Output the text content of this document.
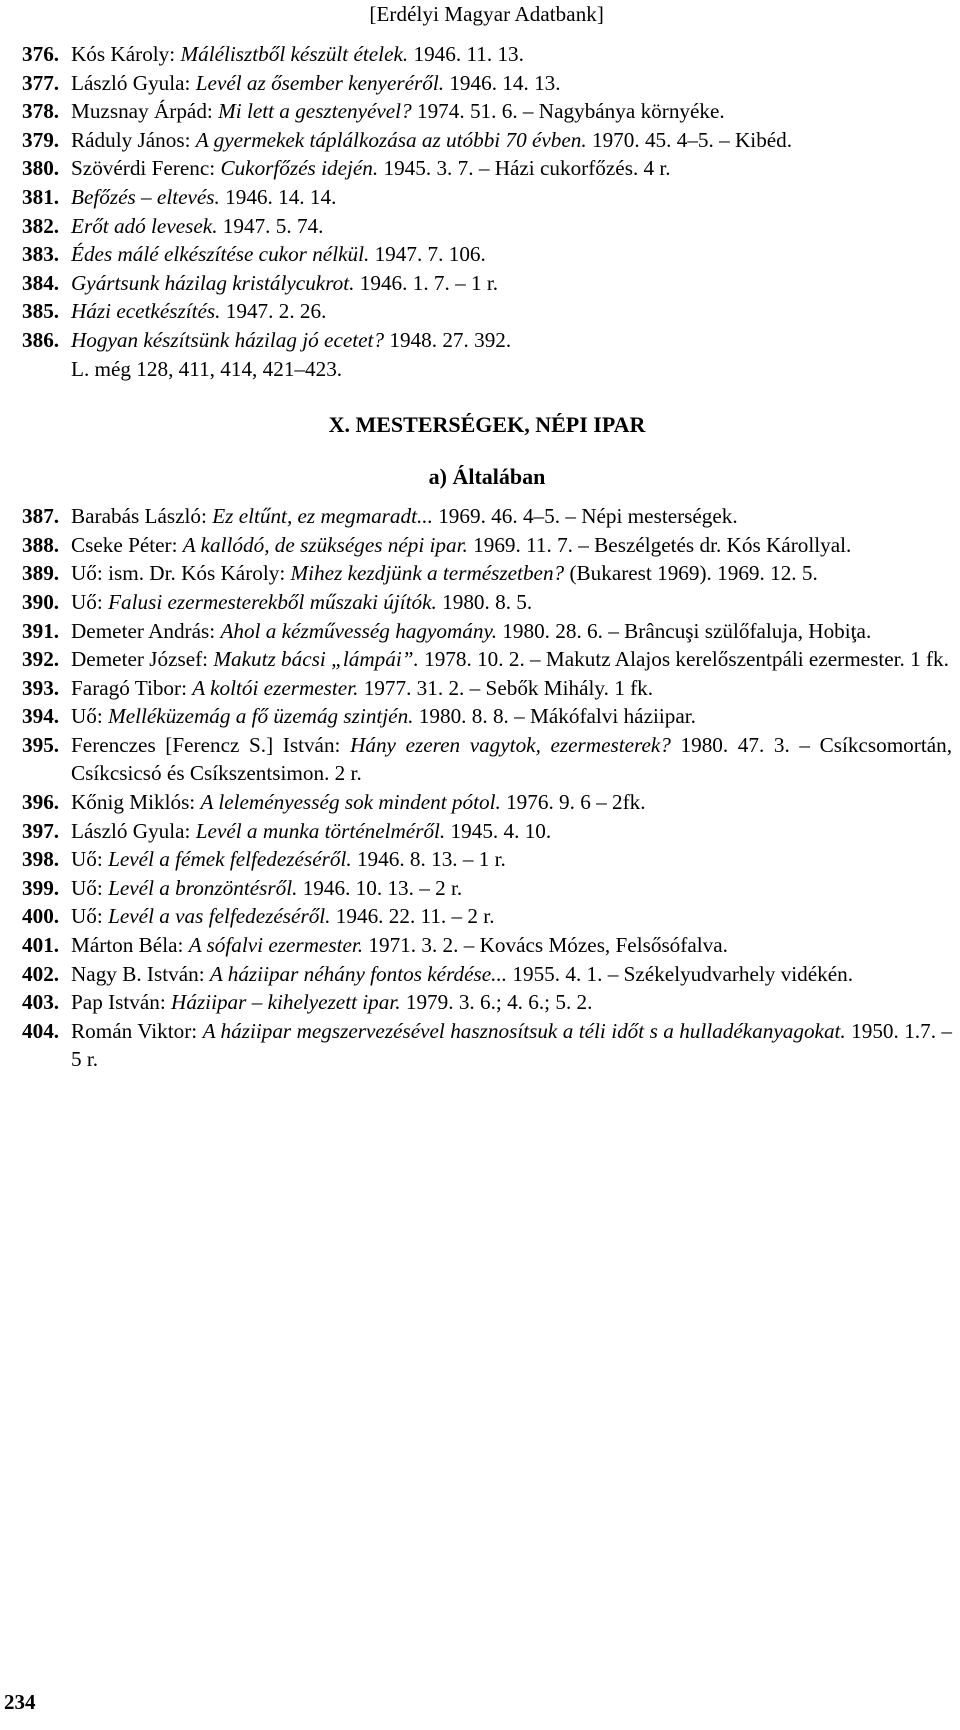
[Erdélyi Magyar Adatbank]

376. Kós Károly: Málélisztből készült ételek. 1946. 11. 13.

377. László Gyula: Levél az ősember kenyeréről. 1946. 14. 13.

378. Muzsnay Árpád: Mi lett a gesztenyével? 1974. 51. 6. – Nagybánya környéke.

379. Ráduly János: A gyermekek táplálkozása az utóbbi 70 évben. 1970. 45. 4–5. – Kibéd.

380. Szövérdi Ferenc: Cukorfőzés idején. 1945. 3. 7. – Házi cukorfőzés. 4 r.

381. Befőzés – eltevés. 1946. 14. 14.

382. Erőt adó levesek. 1947. 5. 74.

383. Édes málé elkészítése cukor nélkül. 1947. 7. 106.

384. Gyártsunk házilag kristálycukrot. 1946. 1. 7. – 1 r.

385. Házi ecetkészítés. 1947. 2. 26.

386. Hogyan készítsünk házilag jó ecetet? 1948. 27. 392.

L. még 128, 411, 414, 421–423.

X. MESTERSÉGEK, NÉPI IPAR

a) Általában

387. Barabás László: Ez eltűnt, ez megmaradt... 1969. 46. 4–5. – Népi mesterségek.

388. Cseke Péter: A kallódó, de szükséges népi ipar. 1969. 11. 7. – Beszélgetés dr. Kós Károllyal.

389. Uő: ism. Dr. Kós Károly: Mihez kezdjünk a természetben? (Bukarest 1969). 1969. 12. 5.

390. Uő: Falusi ezermesterekből műszaki újítók. 1980. 8. 5.

391. Demeter András: Ahol a kézművesség hagyomány. 1980. 28. 6. – Brâncuşi szülőfaluja, Hobiţa.

392. Demeter József: Makutz bácsi „lámpái”. 1978. 10. 2. – Makutz Alajos kerelőszentpáli ezermester. 1 fk.

393. Faragó Tibor: A koltói ezermester. 1977. 31. 2. – Sebők Mihály. 1 fk.

394. Uő: Melléküzemág a fő üzemág szintjén. 1980. 8. 8. – Mákófalvi háziipar.

395. Ferenczes [Ferencz S.] István: Hány ezeren vagytok, ezermesterek? 1980. 47. 3. – Csíkcsomortán, Csíkcsicsó és Csíkszentsimon. 2 r.

396. Kőnig Miklós: A leleményesség sok mindent pótol. 1976. 9. 6 – 2fk.

397. László Gyula: Levél a munka történelméről. 1945. 4. 10.

398. Uő: Levél a fémek felfedezéséről. 1946. 8. 13. – 1 r.

399. Uő: Levél a bronzöntésről. 1946. 10. 13. – 2 r.

400. Uő: Levél a vas felfedezéséről. 1946. 22. 11. – 2 r.

401. Márton Béla: A sófalvi ezermester. 1971. 3. 2. – Kovács Mózes, Felsősófalva.

402. Nagy B. István: A háziipar néhány fontos kérdése... 1955. 4. 1. – Székelyudvarhely vidékén.

403. Pap István: Háziipar – kihelyezett ipar. 1979. 3. 6.; 4. 6.; 5. 2.

404. Román Viktor: A háziipar megszervezésével hasznosítsuk a téli időt s a hulladékanyagokat. 1950. 1.7. – 5 r.

234
